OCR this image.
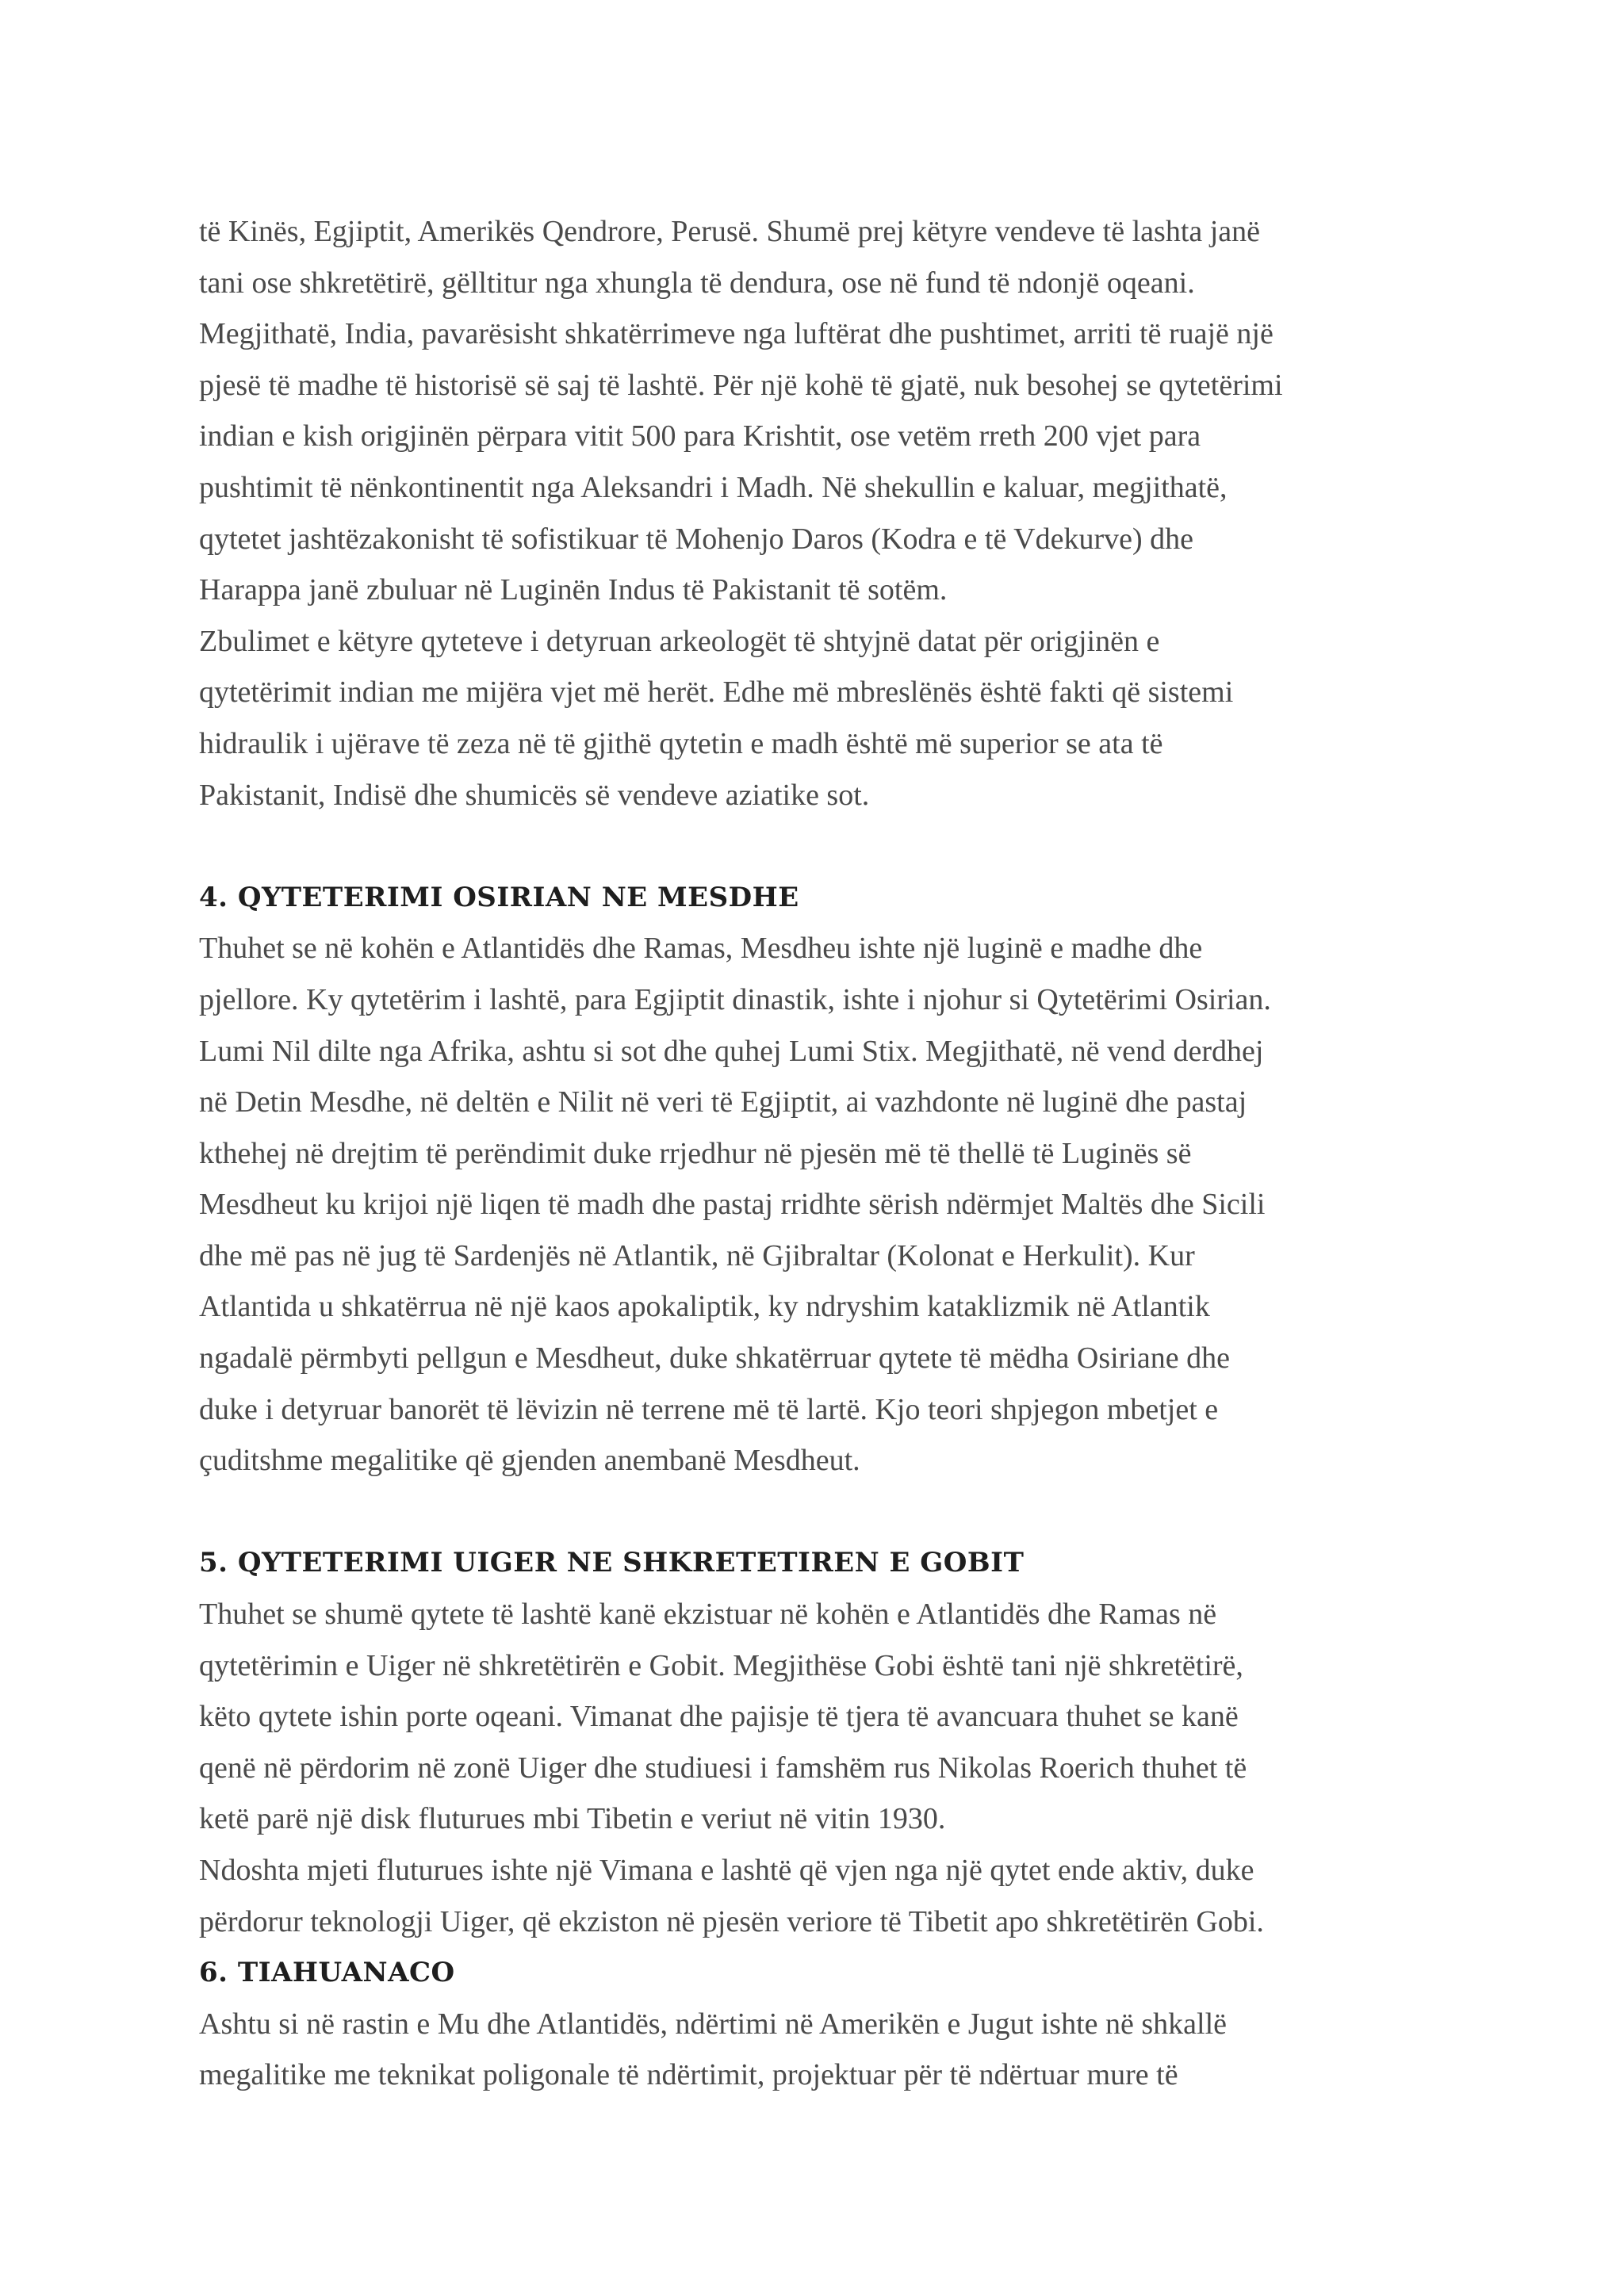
të Kinës, Egjiptit, Amerikës Qendrore, Perusë. Shumë prej këtyre vendeve të lashta janë
tani ose shkretëtirë, gëlltitur nga xhungla të dendura, ose në fund të ndonjë oqeani.
Megjithatë, India, pavarësisht shkatërrimeve nga luftërat dhe pushtimet, arriti të ruajë një
pjesë të madhe të historisë së saj të lashtë. Për një kohë të gjatë, nuk besohej se qytetërimi
indian e kish origjinën përpara vitit 500 para Krishtit, ose vetëm rreth 200 vjet para
pushtimit të nënkontinentit nga Aleksandri i Madh. Në shekullin e kaluar, megjithatë,
qytetet jashtëzakonisht të sofistikuar të Mohenjo Daros (Kodra e të Vdekurve) dhe
Harappa janë zbuluar në Luginën Indus të Pakistanit të sotëm.
Zbulimet e këtyre qyteteve i detyruan arkeologët të shtyjnë datat për origjinën e
qytetërimit indian me mijëra vjet më herët. Edhe më mbreslënës është fakti që sistemi
hidraulik i ujërave të zeza në të gjithë qytetin e madh është më superior se ata të
Pakistanit, Indisë dhe shumicës së vendeve aziatike sot.
4. QYTETERIMI OSIRIAN NE MESDHE
Thuhet se në kohën e Atlantidës dhe Ramas, Mesdheu ishte një luginë e madhe dhe
pjellore. Ky qytetërim i lashtë, para Egjiptit dinastik, ishte i njohur si Qytetërimi Osirian.
Lumi Nil dilte nga Afrika, ashtu si sot dhe quhej Lumi Stix. Megjithatë, në vend derdhej
në Detin Mesdhe, në deltën e Nilit në veri të Egjiptit, ai vazhdonte në luginë dhe pastaj
kthehej në drejtim të perëndimit duke rrjedhur në pjesën më të thellë të Luginës së
Mesdheut ku krijoi një liqen të madh dhe pastaj rridhte sërish ndërmjet Maltës dhe Sicili
dhe më pas në jug të Sardenjës në Atlantik, në Gjibraltar (Kolonat e Herkulit). Kur
Atlantida u shkatërrua në një kaos apokaliptik, ky ndryshim kataklizmik në Atlantik
ngadalë përmbyti pellgun e Mesdheut, duke shkatërruar qytete të mëdha Osiriane dhe
duke i detyruar banorët të lëvizin në terrene më të lartë. Kjo teori shpjegon mbetjet e
çuditshme megalitike që gjenden anembanë Mesdheut.
5. QYTETERIMI UIGER NE SHKRETETIREN E GOBIT
Thuhet se shumë qytete të lashtë kanë ekzistuar në kohën e Atlantidës dhe Ramas në
qytetërimin e Uiger në shkretëtirën e Gobit. Megjithëse Gobi është tani një shkretëtirë,
këto qytete ishin porte oqeani. Vimanat dhe pajisje të tjera të avancuara thuhet se kanë
qenë në përdorim në zonë Uiger dhe studiuesi i famshëm rus Nikolas Roerich thuhet të
ketë parë një disk fluturues mbi Tibetin e veriut në vitin 1930.
Ndoshta mjeti fluturues ishte një Vimana e lashtë që vjen nga një qytet ende aktiv, duke
përdorur teknologji Uiger, që ekziston në pjesën veriore të Tibetit apo shkretëtirën Gobi.
6. TIAHUANACO
Ashtu si në rastin e Mu dhe Atlantidës, ndërtimi në Amerikën e Jugut ishte në shkallë
megalitike me teknikat poligonale të ndërtimit, projektuar për të ndërtuar mure të
